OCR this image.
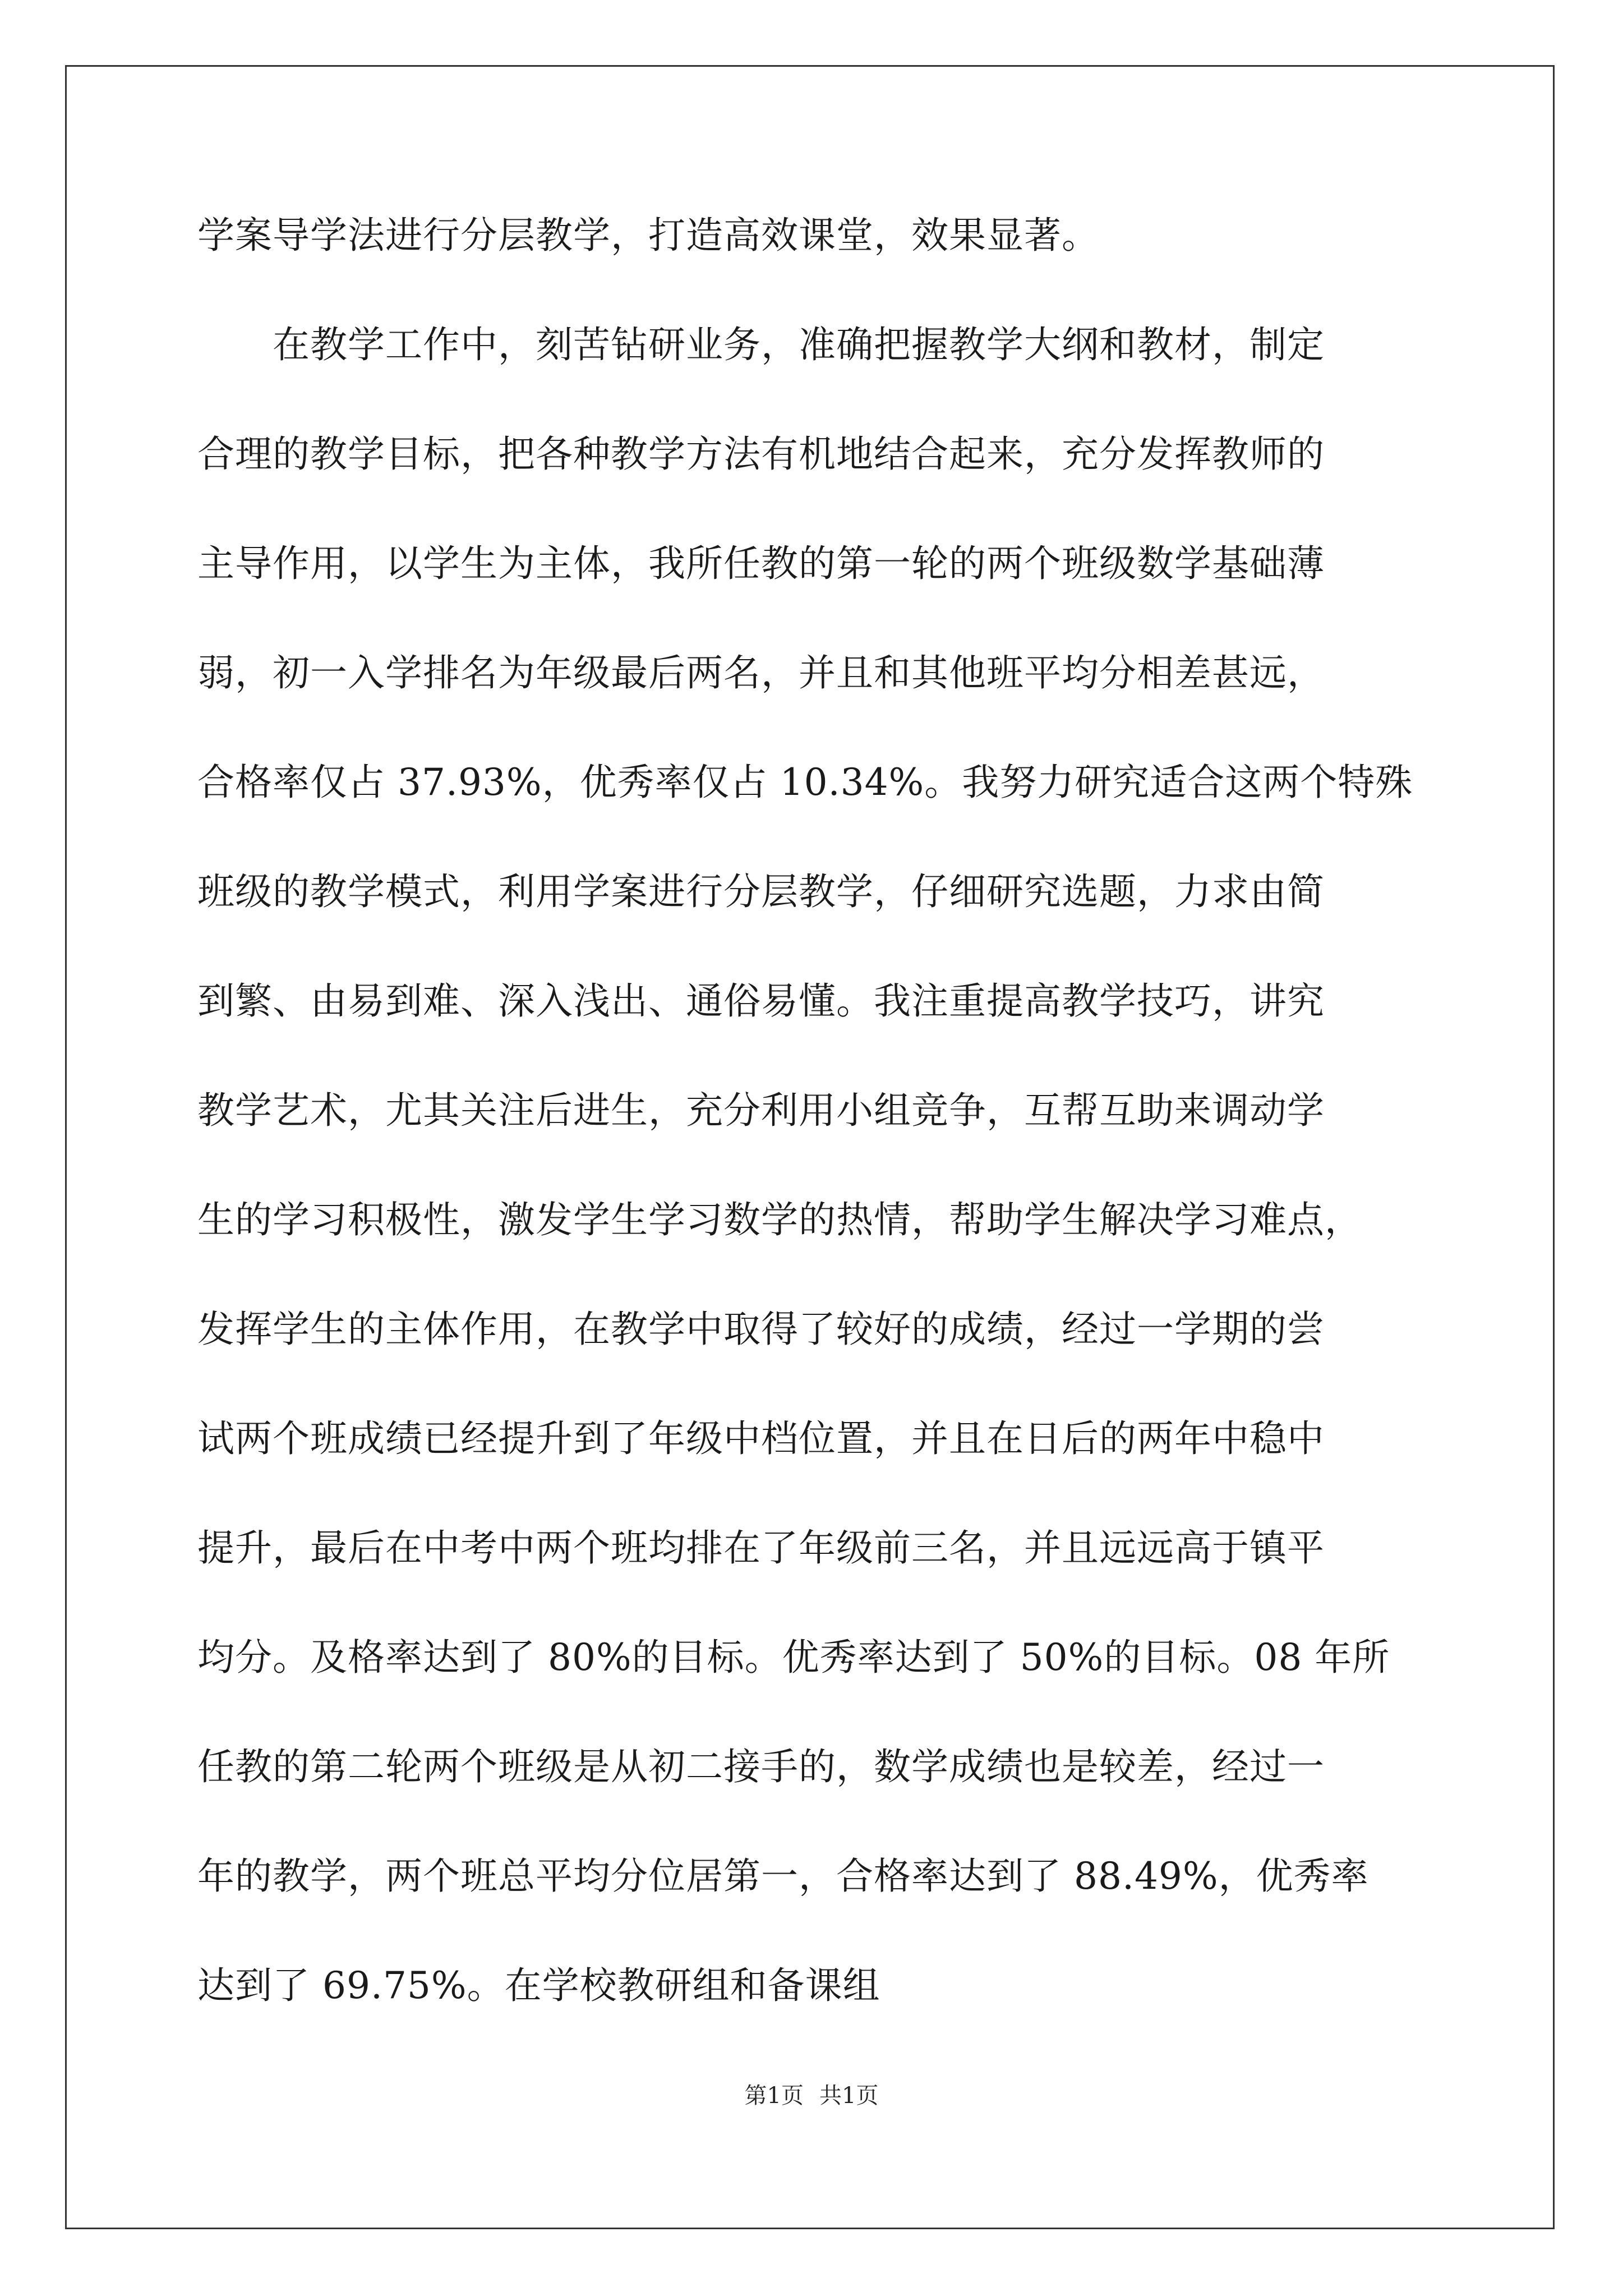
学案导学法进行分层教学，打造高效课堂，效果显著。
　　在教学工作中，刻苦钻研业务，准确把握教学大纲和教材，制定
合理的教学目标，把各种教学方法有机地结合起来，充分发挥教师的
主导作用，以学生为主体，我所任教的第一轮的两个班级数学基础薄
弱，初一入学排名为年级最后两名，并且和其他班平均分相差甚远，
合格率仅占 37.93%，优秀率仅占 10.34%。我努力研究适合这两个特殊
班级的教学模式，利用学案进行分层教学，仔细研究选题，力求由简
到繁、由易到难、深入浅出、通俗易懂。我注重提高教学技巧，讲究
教学艺术，尤其关注后进生，充分利用小组竞争，互帮互助来调动学
生的学习积极性，激发学生学习数学的热情，帮助学生解决学习难点，
发挥学生的主体作用，在教学中取得了较好的成绩，经过一学期的尝
试两个班成绩已经提升到了年级中档位置，并且在日后的两年中稳中
提升，最后在中考中两个班均排在了年级前三名，并且远远高于镇平
均分。及格率达到了 80%的目标。优秀率达到了 50%的目标。08 年所
任教的第二轮两个班级是从初二接手的，数学成绩也是较差，经过一
年的教学，两个班总平均分位居第一，合格率达到了 88.49%，优秀率
达到了 69.75%。在学校教研组和备课组
第1页 共1页
